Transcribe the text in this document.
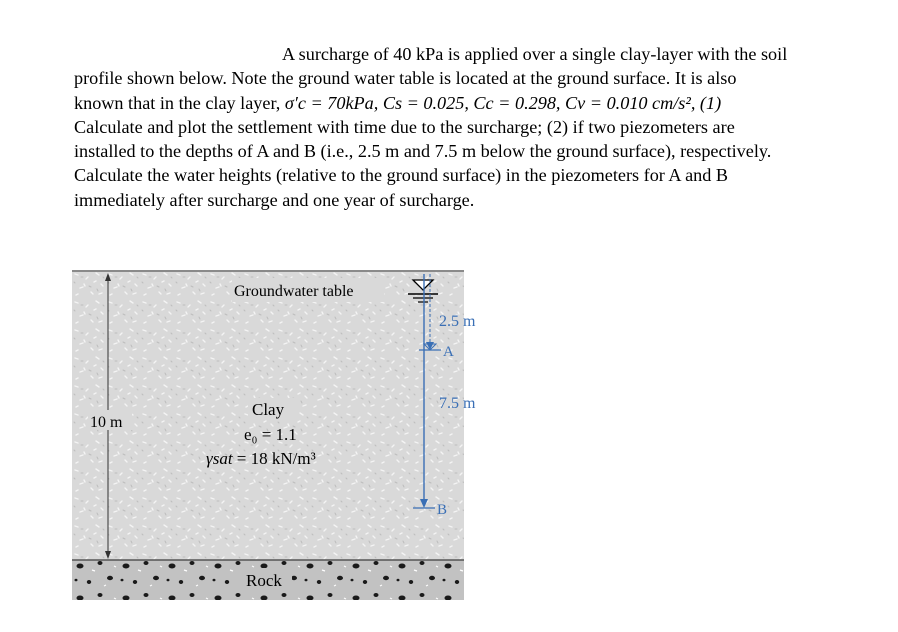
A surcharge of 40 kPa is applied over a single clay-layer with the soil
profile shown below. Note the ground water table is located at the ground surface. It is also
known that in the clay layer, σ′c = 70kPa, Cs = 0.025, Cc = 0.298, Cv = 0.010 cm/s², (1)
Calculate and plot the settlement with time due to the surcharge; (2) if two piezometers are
installed to the depths of A and B (i.e., 2.5 m and 7.5 m below the ground surface), respectively.
Calculate the water heights (relative to the ground surface) in the piezometers for A and B
immediately after surcharge and one year of surcharge.
10 m
Groundwater table
2.5 m
7.5 m
A
B
Clay
e₀ = 1.1
γsat = 18 kN/m³
Rock
